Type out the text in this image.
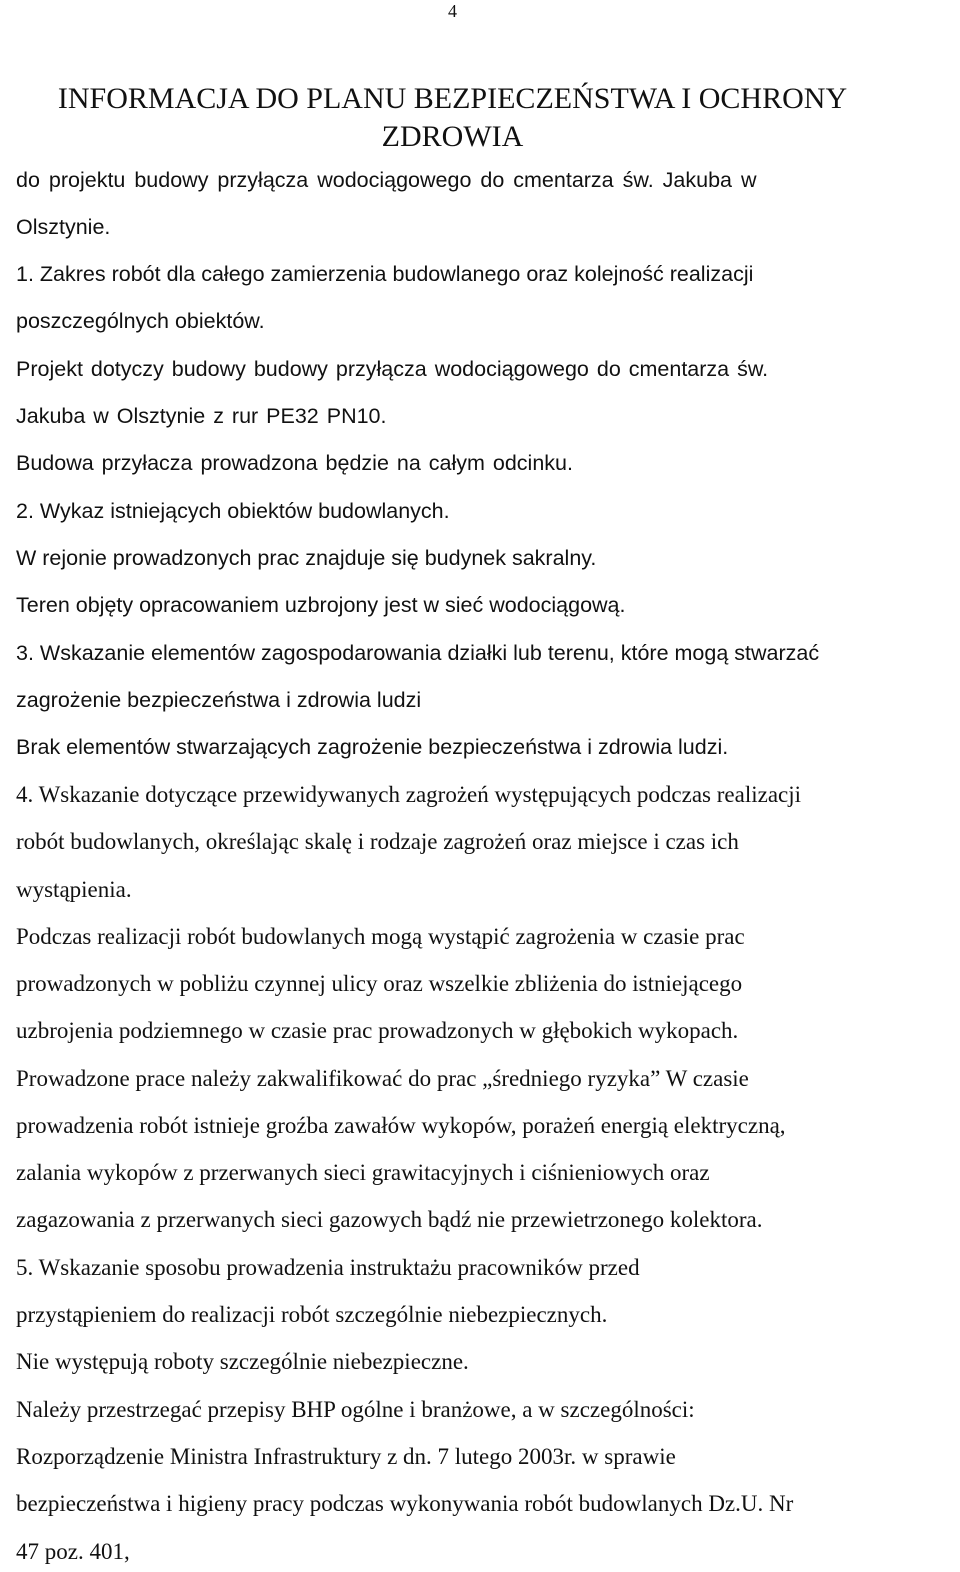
4
INFORMACJA DO PLANU BEZPIECZEŃSTWA I OCHRONY
ZDROWIA
do projektu budowy przyłącza wodociągowego do cmentarza św. Jakuba w
Olsztynie.
1. Zakres robót dla całego zamierzenia budowlanego oraz kolejność realizacji
poszczególnych obiektów.
Projekt dotyczy budowy budowy przyłącza wodociągowego do cmentarza św.
Jakuba w Olsztynie z rur PE32 PN10.
Budowa przyłacza prowadzona będzie na całym odcinku.
2. Wykaz istniejących obiektów budowlanych.
W rejonie prowadzonych prac znajduje się budynek sakralny.
Teren objęty opracowaniem uzbrojony jest w sieć wodociągową.
3. Wskazanie elementów zagospodarowania działki lub terenu, które mogą stwarzać
zagrożenie bezpieczeństwa i zdrowia ludzi
Brak elementów stwarzających zagrożenie bezpieczeństwa i zdrowia ludzi.
4. Wskazanie dotyczące przewidywanych zagrożeń występujących podczas realizacji
robót budowlanych, określając skalę i rodzaje zagrożeń oraz miejsce i czas ich
wystąpienia.
Podczas realizacji robót budowlanych mogą wystąpić zagrożenia w czasie prac
prowadzonych w pobliżu czynnej ulicy oraz wszelkie zbliżenia do istniejącego
uzbrojenia podziemnego w czasie prac prowadzonych w głębokich wykopach.
Prowadzone prace należy zakwalifikować do prac „średniego ryzyka” W czasie
prowadzenia robót istnieje groźba zawałów wykopów, porażeń energią elektryczną,
zalania wykopów z przerwanych sieci grawitacyjnych i ciśnieniowych oraz
zagazowania z przerwanych sieci gazowych bądź nie przewietrzonego kolektora.
5. Wskazanie sposobu prowadzenia instruktażu pracowników przed
przystąpieniem do realizacji robót szczególnie niebezpiecznych.
Nie występują roboty szczególnie niebezpieczne.
Należy przestrzegać przepisy BHP ogólne i branżowe, a w szczególności:
Rozporządzenie Ministra Infrastruktury z dn. 7 lutego 2003r. w sprawie
bezpieczeństwa i higieny pracy podczas wykonywania robót budowlanych Dz.U. Nr
47 poz. 401,
